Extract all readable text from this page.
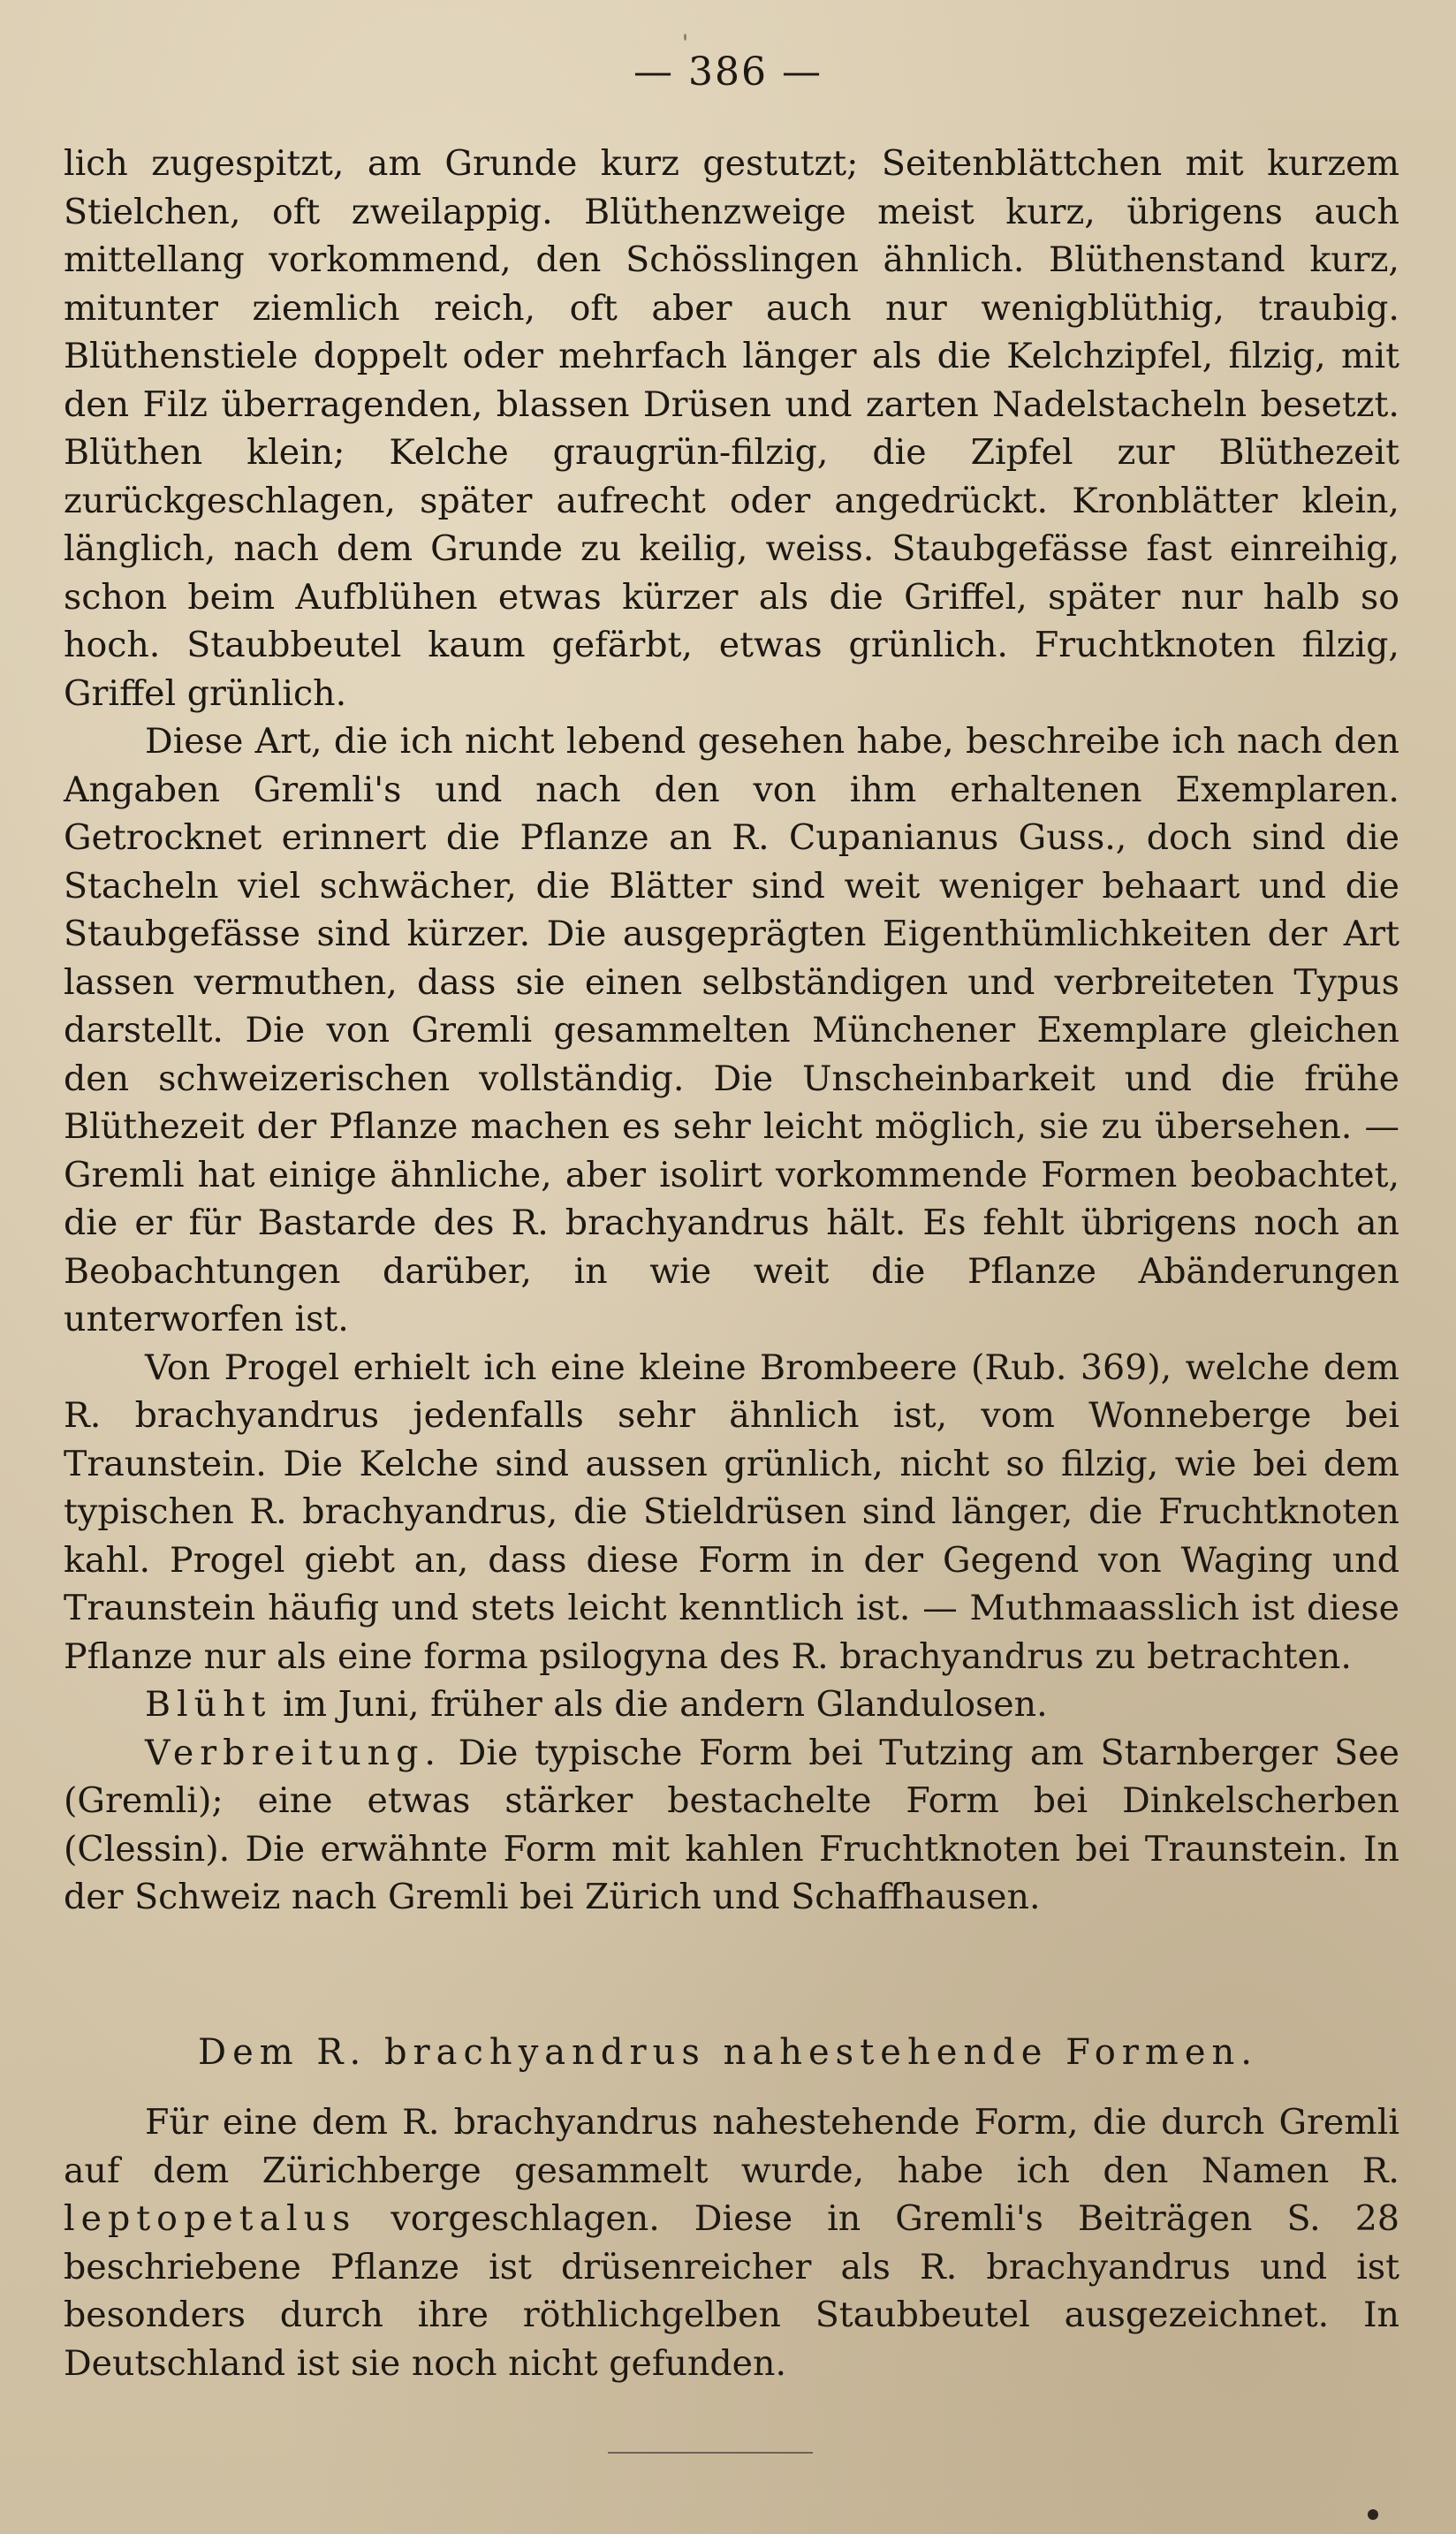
— 386 —

lich zugespitzt, am Grunde kurz gestutzt; Seitenblättchen mit kurzem Stielchen, oft zweilappig. Blüthenzweige meist kurz, übrigens auch mittellang vorkommend, den Schösslingen ähnlich. Blüthenstand kurz, mitunter ziemlich reich, oft aber auch nur wenigblüthig, traubig. Blüthenstiele doppelt oder mehrfach länger als die Kelchzipfel, filzig, mit den Filz überragenden, blassen Drüsen und zarten Nadelstacheln besetzt. Blüthen klein; Kelche graugrün-filzig, die Zipfel zur Blüthezeit zurückgeschlagen, später aufrecht oder angedrückt. Kronblätter klein, länglich, nach dem Grunde zu keilig, weiss. Staubgefässe fast einreihig, schon beim Aufblühen etwas kürzer als die Griffel, später nur halb so hoch. Staubbeutel kaum gefärbt, etwas grünlich. Fruchtknoten filzig, Griffel grünlich.

Diese Art, die ich nicht lebend gesehen habe, beschreibe ich nach den Angaben Gremli's und nach den von ihm erhaltenen Exemplaren. Getrocknet erinnert die Pflanze an R. Cupanianus Guss., doch sind die Stacheln viel schwächer, die Blätter sind weit weniger behaart und die Staubgefässe sind kürzer. Die ausgeprägten Eigenthümlichkeiten der Art lassen vermuthen, dass sie einen selbständigen und verbreiteten Typus darstellt. Die von Gremli gesammelten Münchener Exemplare gleichen den schweizerischen vollständig. Die Unscheinbarkeit und die frühe Blüthezeit der Pflanze machen es sehr leicht möglich, sie zu übersehen. — Gremli hat einige ähnliche, aber isolirt vorkommende Formen beobachtet, die er für Bastarde des R. brachyandrus hält. Es fehlt übrigens noch an Beobachtungen darüber, in wie weit die Pflanze Abänderungen unterworfen ist.

Von Progel erhielt ich eine kleine Brombeere (Rub. 369), welche dem R. brachyandrus jedenfalls sehr ähnlich ist, vom Wonneberge bei Traunstein. Die Kelche sind aussen grünlich, nicht so filzig, wie bei dem typischen R. brachyandrus, die Stieldrüsen sind länger, die Fruchtknoten kahl. Progel giebt an, dass diese Form in der Gegend von Waging und Traunstein häufig und stets leicht kenntlich ist. — Muthmaasslich ist diese Pflanze nur als eine forma psilogyna des R. brachyandrus zu betrachten.

Blüht im Juni, früher als die andern Glandulosen.

Verbreitung. Die typische Form bei Tutzing am Starnberger See (Gremli); eine etwas stärker bestachelte Form bei Dinkelscherben (Clessin). Die erwähnte Form mit kahlen Fruchtknoten bei Traunstein. In der Schweiz nach Gremli bei Zürich und Schaffhausen.

Dem R. brachyandrus nahestehende Formen.

Für eine dem R. brachyandrus nahestehende Form, die durch Gremli auf dem Zürichberge gesammelt wurde, habe ich den Namen R. leptopetalus vorgeschlagen. Diese in Gremli's Beiträgen S. 28 beschriebene Pflanze ist drüsenreicher als R. brachyandrus und ist besonders durch ihre röthlichgelben Staubbeutel ausgezeichnet. In Deutschland ist sie noch nicht gefunden.
